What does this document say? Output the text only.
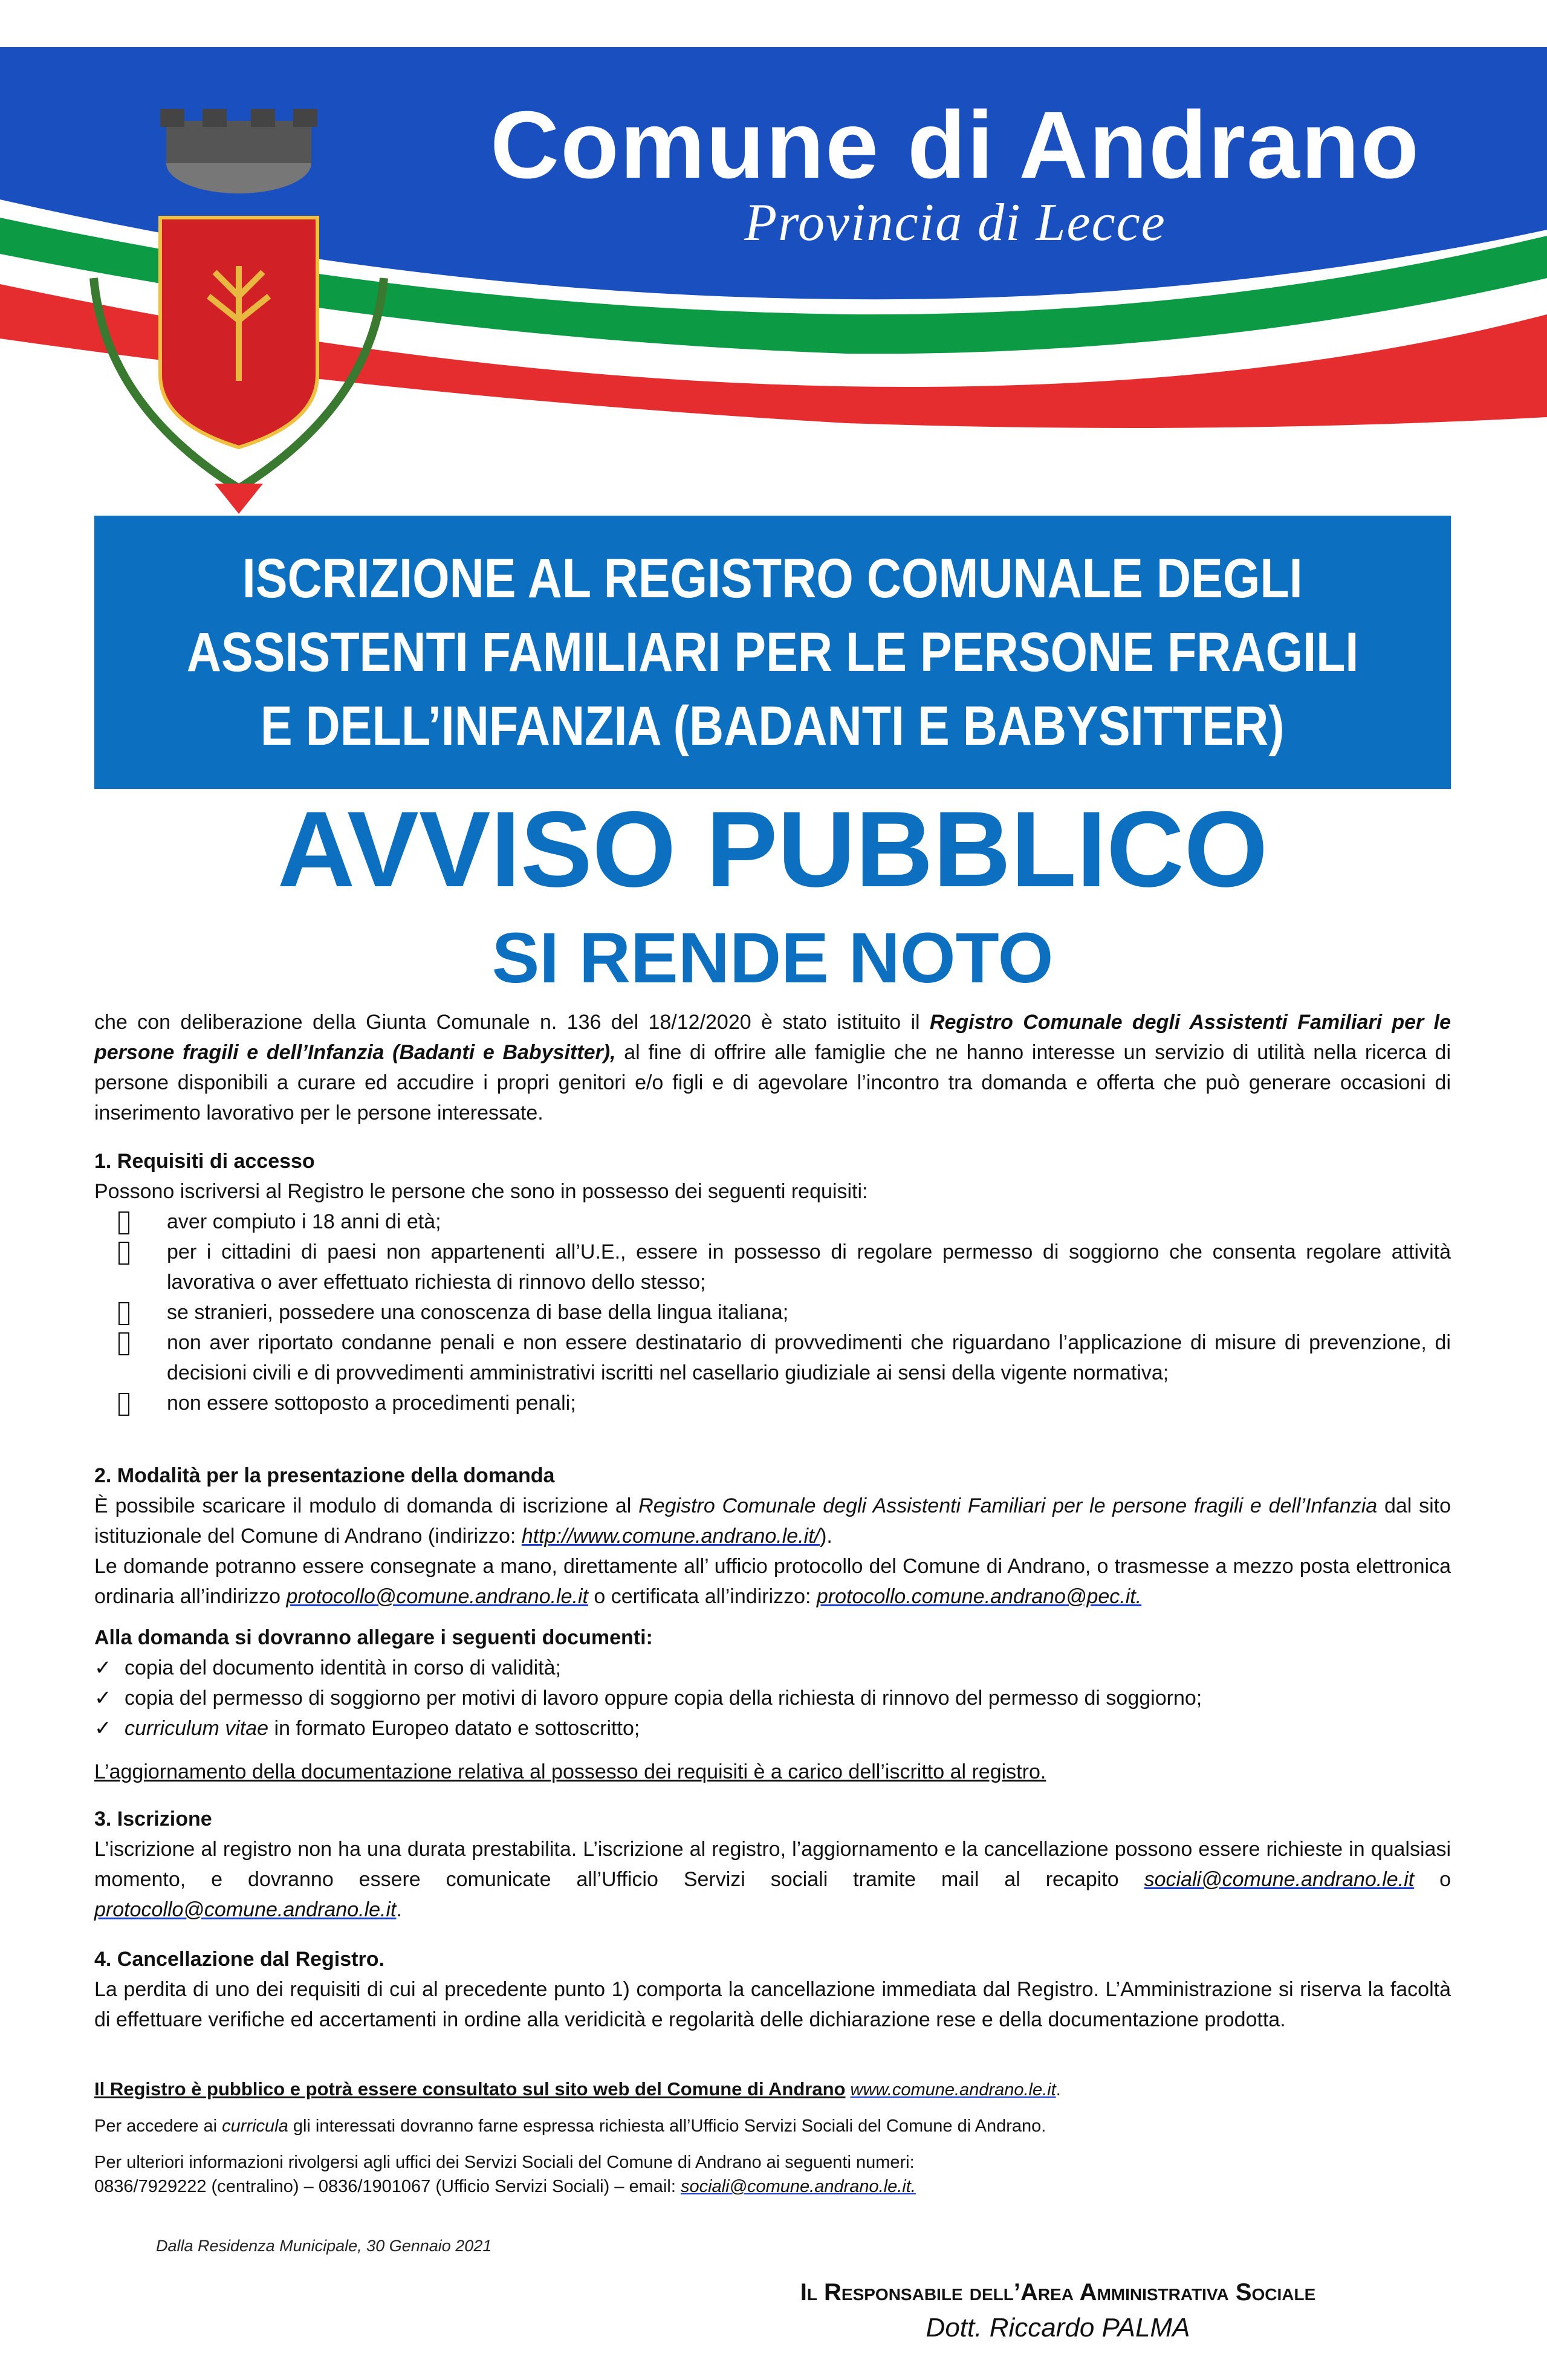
Comune di Andrano
Provincia di Lecce
ISCRIZIONE AL REGISTRO COMUNALE DEGLI
ASSISTENTI FAMILIARI PER LE PERSONE FRAGILI
E DELL’INFANZIA (BADANTI E BABYSITTER)
AVVISO PUBBLICO
SI RENDE NOTO

che con deliberazione della Giunta Comunale n. 136 del 18/12/2020 è stato istituito il Registro Comunale degli Assistenti Familiari per le persone fragili e dell’Infanzia (Badanti e Babysitter), al fine di offrire alle famiglie che ne hanno interesse un servizio di utilità nella ricerca di persone disponibili a curare ed accudire i propri genitori e/o figli e di agevolare l’incontro tra domanda e offerta che può generare occasioni di inserimento lavorativo per le persone interessate.

1. Requisiti di accesso

Possono iscriversi al Registro le persone che sono in possesso dei seguenti requisiti:

aver compiuto i 18 anni di età;
per i cittadini di paesi non appartenenti all’U.E., essere in possesso di regolare permesso di soggiorno che consenta regolare attività lavorativa o aver effettuato richiesta di rinnovo dello stesso;
se stranieri, possedere una conoscenza di base della lingua italiana;
non aver riportato condanne penali e non essere destinatario di provvedimenti che riguardano l’applicazione di misure di prevenzione, di decisioni civili e di provvedimenti amministrativi iscritti nel casellario giudiziale ai sensi della vigente normativa;
non essere sottoposto a procedimenti penali;

2. Modalità per la presentazione della domanda

È possibile scaricare il modulo di domanda di iscrizione al Registro Comunale degli Assistenti Familiari per le persone fragili e dell’Infanzia dal sito istituzionale del Comune di Andrano (indirizzo: http://www.comune.andrano.le.it/).

Le domande potranno essere consegnate a mano, direttamente all’ ufficio protocollo del Comune di Andrano, o trasmesse a mezzo posta elettronica ordinaria all’indirizzo protocollo@comune.andrano.le.it o certificata all’indirizzo: protocollo.comune.andrano@pec.it.

Alla domanda si dovranno allegare i seguenti documenti:

✓ copia del documento identità in corso di validità;
✓ copia del permesso di soggiorno per motivi di lavoro oppure copia della richiesta di rinnovo del permesso di soggiorno;
✓ curriculum vitae in formato Europeo datato e sottoscritto;

L’aggiornamento della documentazione relativa al possesso dei requisiti è a carico dell’iscritto al registro.

3. Iscrizione

L’iscrizione al registro non ha una durata prestabilita. L’iscrizione al registro, l’aggiornamento e la cancellazione possono essere richieste in qualsiasi momento, e dovranno essere comunicate all’Ufficio Servizi sociali tramite mail al recapito sociali@comune.andrano.le.it o protocollo@comune.andrano.le.it.

4. Cancellazione dal Registro.

La perdita di uno dei requisiti di cui al precedente punto 1) comporta la cancellazione immediata dal Registro. L’Amministrazione si riserva la facoltà di effettuare verifiche ed accertamenti in ordine alla veridicità e regolarità delle dichiarazione rese e della documentazione prodotta.

Il Registro è pubblico e potrà essere consultato sul sito web del Comune di Andrano www.comune.andrano.le.it.

Per accedere ai curricula gli interessati dovranno farne espressa richiesta all’Ufficio Servizi Sociali del Comune di Andrano.

Per ulteriori informazioni rivolgersi agli uffici dei Servizi Sociali del Comune di Andrano ai seguenti numeri:

0836/7929222 (centralino) – 0836/1901067 (Ufficio Servizi Sociali) – email: sociali@comune.andrano.le.it.

Dalla Residenza Municipale, 30 Gennaio 2021
Il Responsabile dell’Area Amministrativa Sociale
Dott. Riccardo PALMA
